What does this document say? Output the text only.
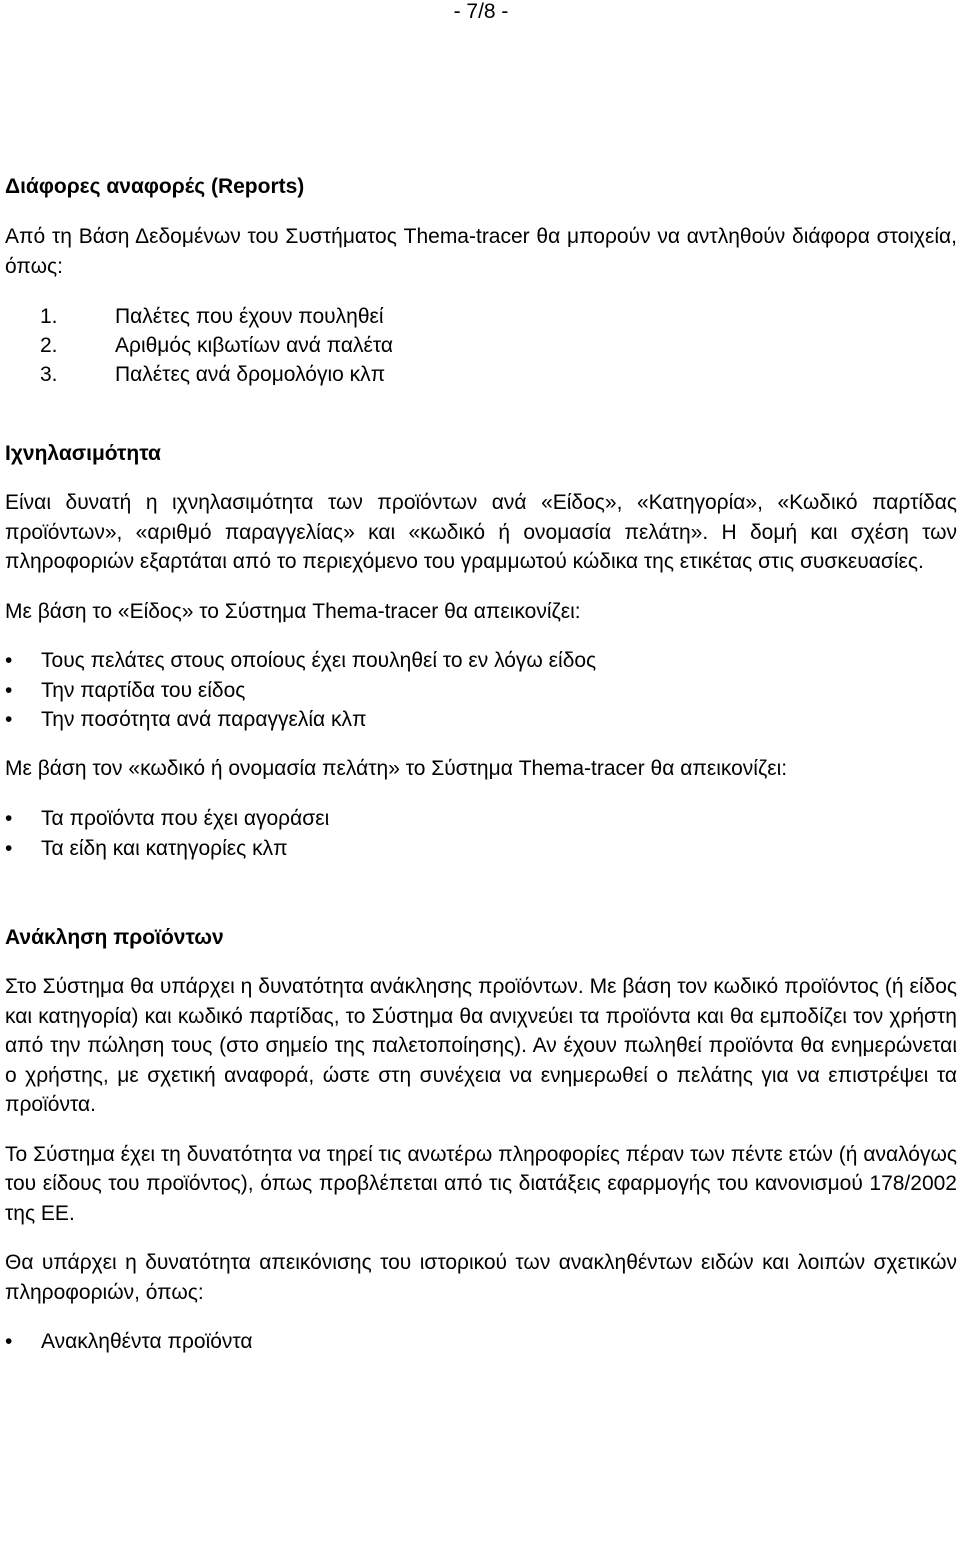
- 7/8 -
Διάφορες αναφορές (Reports)

Από τη Βάση Δεδομένων του Συστήματος Thema-tracer θα μπορούν να αντληθούν διάφορα στοιχεία, όπως:

1.	Παλέτες που έχουν πουληθεί
2.	Αριθμός κιβωτίων ανά παλέτα
3.	Παλέτες ανά δρομολόγιο κλπ
Ιχνηλασιμότητα

Είναι δυνατή η ιχνηλασιμότητα των προϊόντων ανά «Είδος», «Κατηγορία», «Κωδικό παρτίδας προϊόντων», «αριθμό παραγγελίας» και «κωδικό ή ονομασία πελάτη». Η δομή και σχέση των πληροφοριών εξαρτάται από το περιεχόμενο του γραμμωτού κώδικα της ετικέτας στις συσκευασίες.

Με βάση το «Είδος» το Σύστημα Thema-tracer θα απεικονίζει:

• Τους πελάτες στους οποίους έχει πουληθεί το εν λόγω είδος
• Την παρτίδα του είδος
• Την ποσότητα ανά παραγγελία κλπ

Με βάση τον «κωδικό ή ονομασία πελάτη» το Σύστημα Thema-tracer θα απεικονίζει:

• Τα προϊόντα που έχει αγοράσει
• Τα είδη και κατηγορίες κλπ
Ανάκληση προϊόντων

Στο Σύστημα θα υπάρχει η δυνατότητα ανάκλησης προϊόντων. Με βάση τον κωδικό προϊόντος (ή είδος και κατηγορία) και κωδικό παρτίδας, το Σύστημα θα ανιχνεύει τα προϊόντα και θα εμποδίζει τον χρήστη από την πώληση τους (στο σημείο της παλετοποίησης). Αν έχουν πωληθεί προϊόντα θα ενημερώνεται ο χρήστης, με σχετική αναφορά, ώστε στη συνέχεια να ενημερωθεί ο πελάτης για να επιστρέψει τα προϊόντα.

Το Σύστημα έχει τη δυνατότητα να τηρεί τις ανωτέρω πληροφορίες πέραν των πέντε ετών (ή αναλόγως του είδους του προϊόντος), όπως προβλέπεται από τις διατάξεις εφαρμογής του κανονισμού 178/2002 της ΕΕ.

Θα υπάρχει η δυνατότητα απεικόνισης του ιστορικού των ανακληθέντων ειδών και λοιπών σχετικών πληροφοριών, όπως:

• Ανακληθέντα προϊόντα
